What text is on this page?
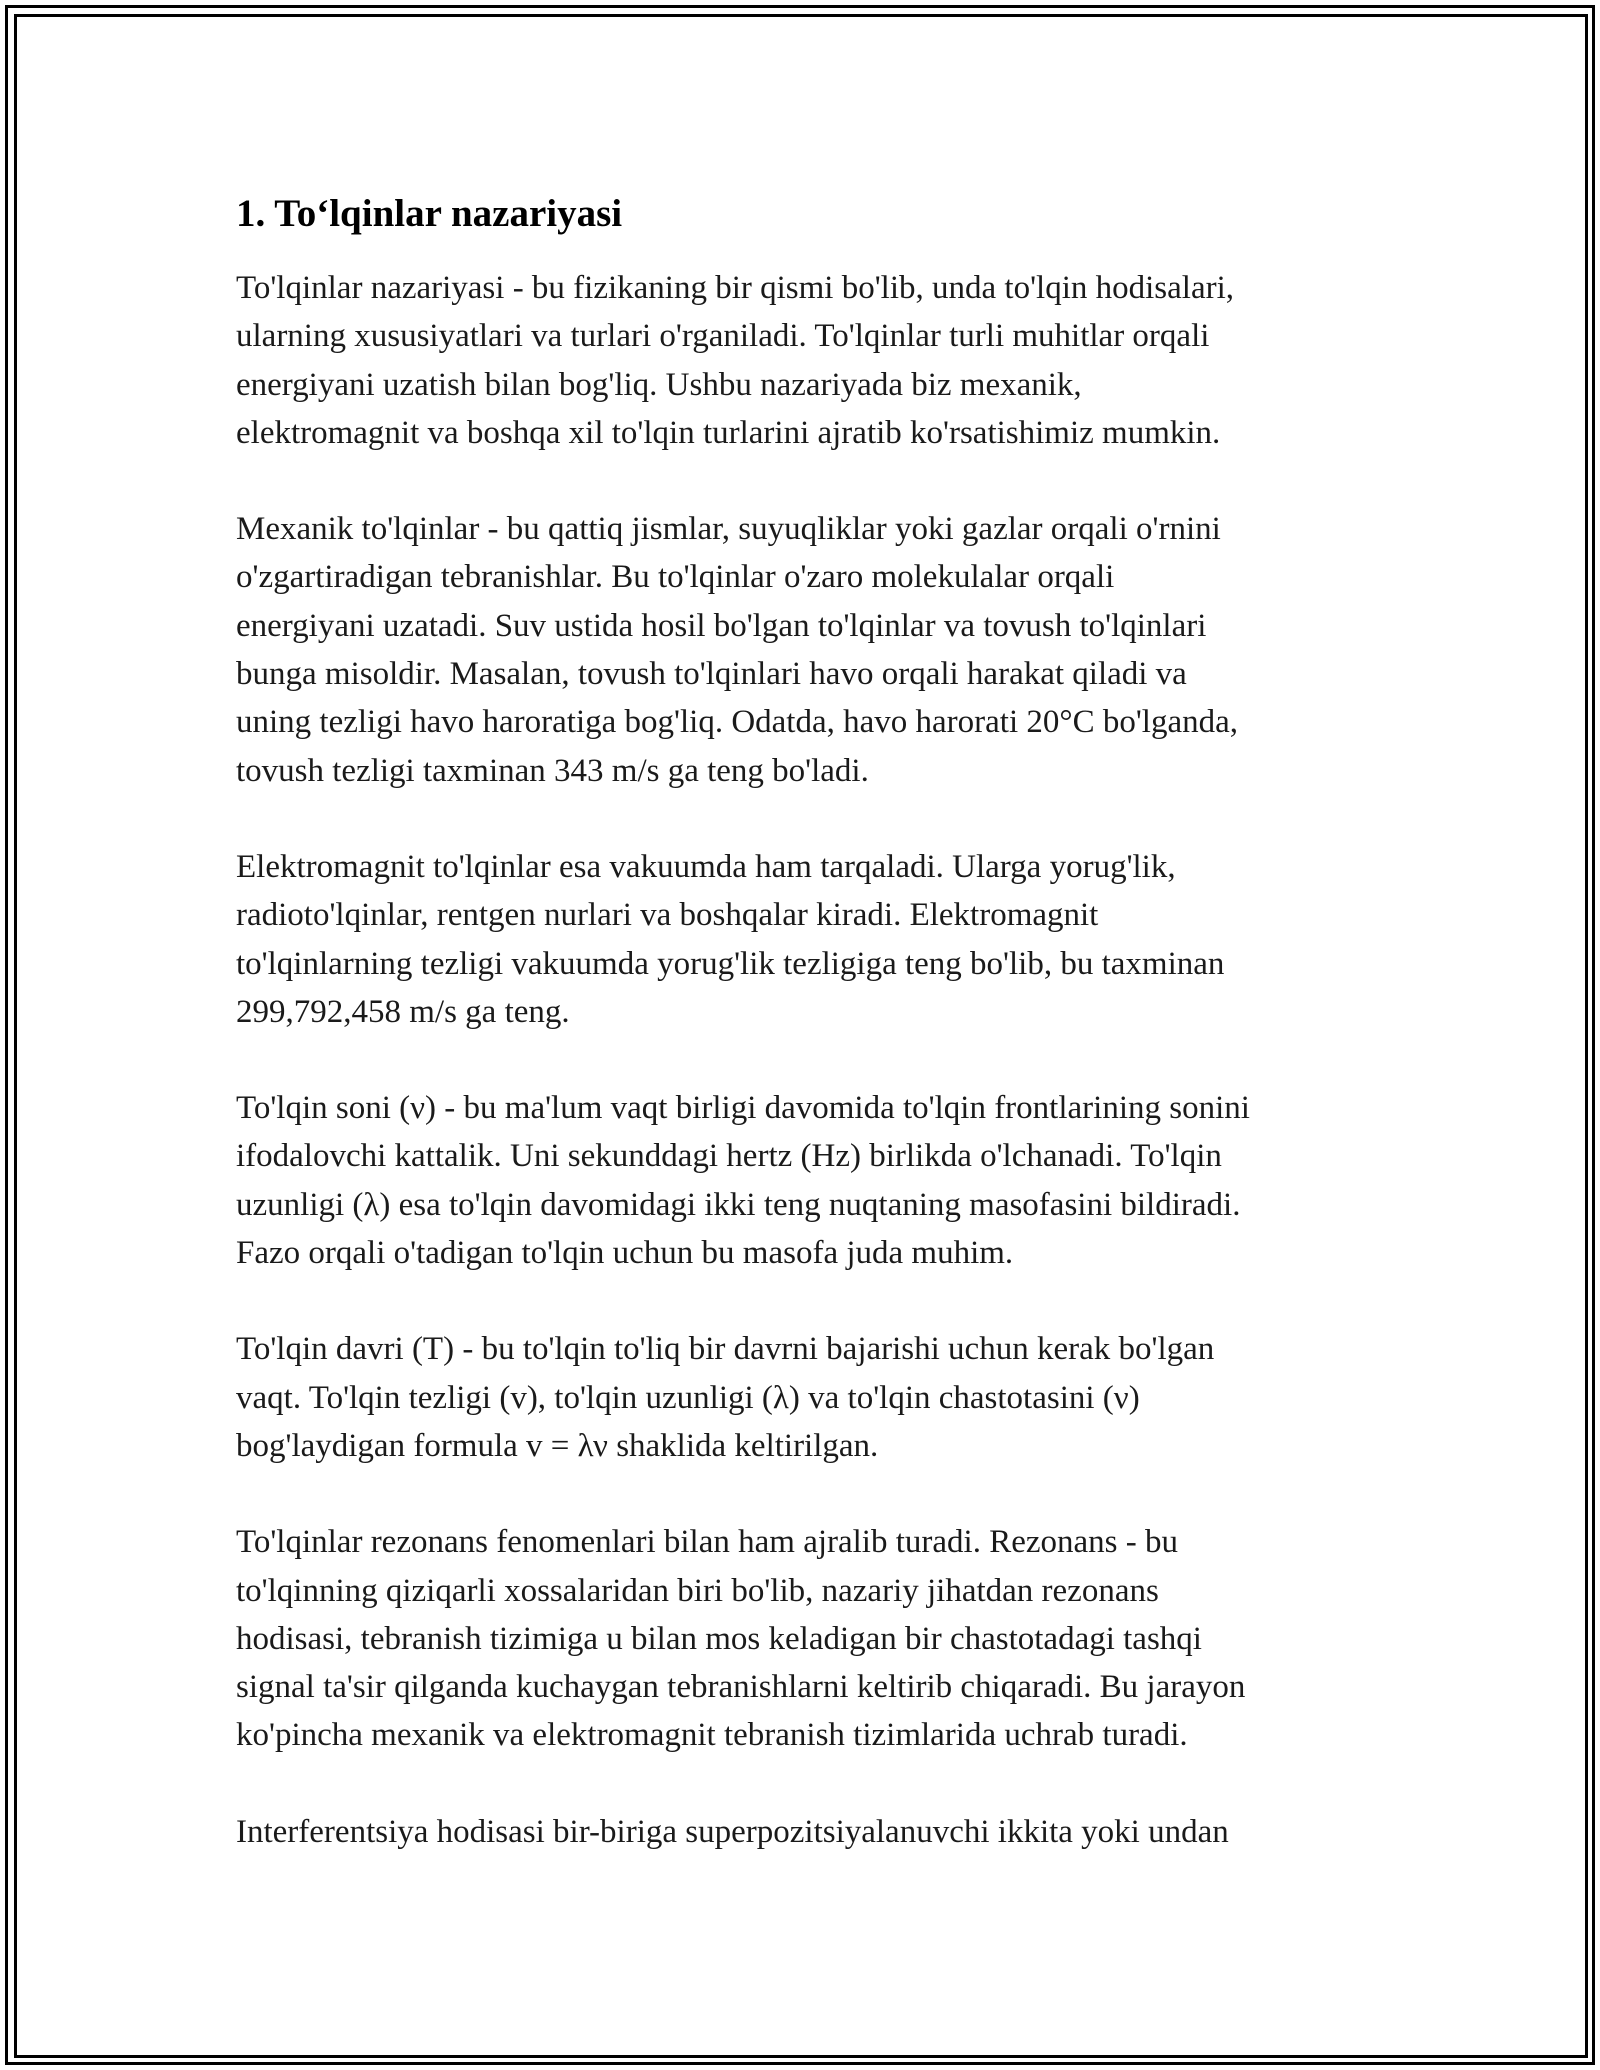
1. To‘lqinlar nazariyasi

To'lqinlar nazariyasi - bu fizikaning bir qismi bo'lib, unda to'lqin hodisalari,
ularning xususiyatlari va turlari o'rganiladi. To'lqinlar turli muhitlar orqali
energiyani uzatish bilan bog'liq. Ushbu nazariyada biz mexanik,
elektromagnit va boshqa xil to'lqin turlarini ajratib ko'rsatishimiz mumkin.

Mexanik to'lqinlar - bu qattiq jismlar, suyuqliklar yoki gazlar orqali o'rnini
o'zgartiradigan tebranishlar. Bu to'lqinlar o'zaro molekulalar orqali
energiyani uzatadi. Suv ustida hosil bo'lgan to'lqinlar va tovush to'lqinlari
bunga misoldir. Masalan, tovush to'lqinlari havo orqali harakat qiladi va
uning tezligi havo haroratiga bog'liq. Odatda, havo harorati 20°C bo'lganda,
tovush tezligi taxminan 343 m/s ga teng bo'ladi.

Elektromagnit to'lqinlar esa vakuumda ham tarqaladi. Ularga yorug'lik,
radioto'lqinlar, rentgen nurlari va boshqalar kiradi. Elektromagnit
to'lqinlarning tezligi vakuumda yorug'lik tezligiga teng bo'lib, bu taxminan
299,792,458 m/s ga teng.

To'lqin soni (ν) - bu ma'lum vaqt birligi davomida to'lqin frontlarining sonini
ifodalovchi kattalik. Uni sekunddagi hertz (Hz) birlikda o'lchanadi. To'lqin
uzunligi (λ) esa to'lqin davomidagi ikki teng nuqtaning masofasini bildiradi.
Fazo orqali o'tadigan to'lqin uchun bu masofa juda muhim.

To'lqin davri (T) - bu to'lqin to'liq bir davrni bajarishi uchun kerak bo'lgan
vaqt. To'lqin tezligi (v), to'lqin uzunligi (λ) va to'lqin chastotasini (ν)
bog'laydigan formula v = λν shaklida keltirilgan.

To'lqinlar rezonans fenomenlari bilan ham ajralib turadi. Rezonans - bu
to'lqinning qiziqarli xossalaridan biri bo'lib, nazariy jihatdan rezonans
hodisasi, tebranish tizimiga u bilan mos keladigan bir chastotadagi tashqi
signal ta'sir qilganda kuchaygan tebranishlarni keltirib chiqaradi. Bu jarayon
ko'pincha mexanik va elektromagnit tebranish tizimlarida uchrab turadi.

Interferentsiya hodisasi bir-biriga superpozitsiyalanuvchi ikkita yoki undan
